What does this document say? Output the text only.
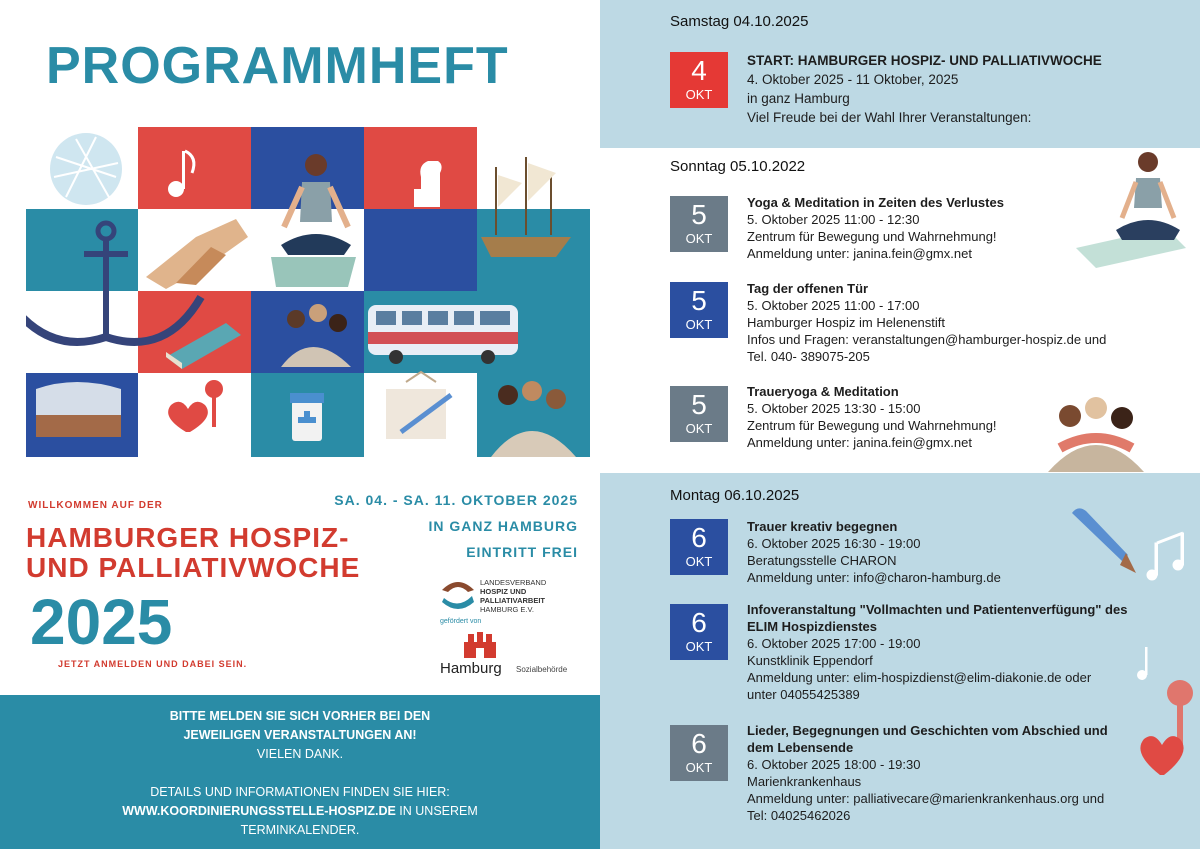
PROGRAMMHEFT
WILLKOMMEN AUF DER
HAMBURGER HOSPIZ-
UND PALLIATIVWOCHE
2025
JETZT ANMELDEN UND DABEI SEIN.
SA. 04. - SA. 11. OKTOBER 2025
IN GANZ HAMBURG
EINTRITT FREI
LANDESVERBAND
HOSPIZ UND PALLIATIVARBEIT
HAMBURG E.V.
gefördert von
Hamburg Sozialbehörde
BITTE MELDEN SIE SICH VORHER BEI DEN
JEWEILIGEN VERANSTALTUNGEN AN!
VIELEN DANK.
DETAILS UND INFORMATIONEN FINDEN SIE HIER:
WWW.KOORDINIERUNGSSTELLE-HOSPIZ.DE IN UNSEREM
TERMINKALENDER.
Samstag 04.10.2025
4
OKT
START: HAMBURGER HOSPIZ- UND PALLIATIVWOCHE
4. Oktober 2025 - 11 Oktober, 2025
in ganz Hamburg
Viel Freude bei der Wahl Ihrer Veranstaltungen:
Sonntag 05.10.2022
5
OKT
Yoga & Meditation in Zeiten des Verlustes
5. Oktober 2025 11:00 - 12:30
Zentrum für Bewegung und Wahrnehmung!
Anmeldung unter: janina.fein@gmx.net
5
OKT
Tag der offenen Tür
5. Oktober 2025 11:00 - 17:00
Hamburger Hospiz im Helenenstift
Infos und Fragen: veranstaltungen@hamburger-hospiz.de und
Tel. 040- 389075-205
5
OKT
Traueryoga & Meditation
5. Oktober 2025 13:30 - 15:00
Zentrum für Bewegung und Wahrnehmung!
Anmeldung unter: janina.fein@gmx.net
Montag 06.10.2025
6
OKT
Trauer kreativ begegnen
6. Oktober 2025 16:30 - 19:00
Beratungsstelle CHARON
Anmeldung unter: info@charon-hamburg.de
6
OKT
Infoveranstaltung "Vollmachten und Patientenverfügung" des ELIM Hospizdienstes
6. Oktober 2025 17:00 - 19:00
Kunstklinik Eppendorf
Anmeldung unter: elim-hospizdienst@elim-diakonie.de oder unter 04055425389
6
OKT
Lieder, Begegnungen und Geschichten vom Abschied und dem Lebensende
6. Oktober 2025 18:00 - 19:30
Marienkrankenhaus
Anmeldung unter: palliativecare@marienkrankenhaus.org und
Tel: 04025462026
